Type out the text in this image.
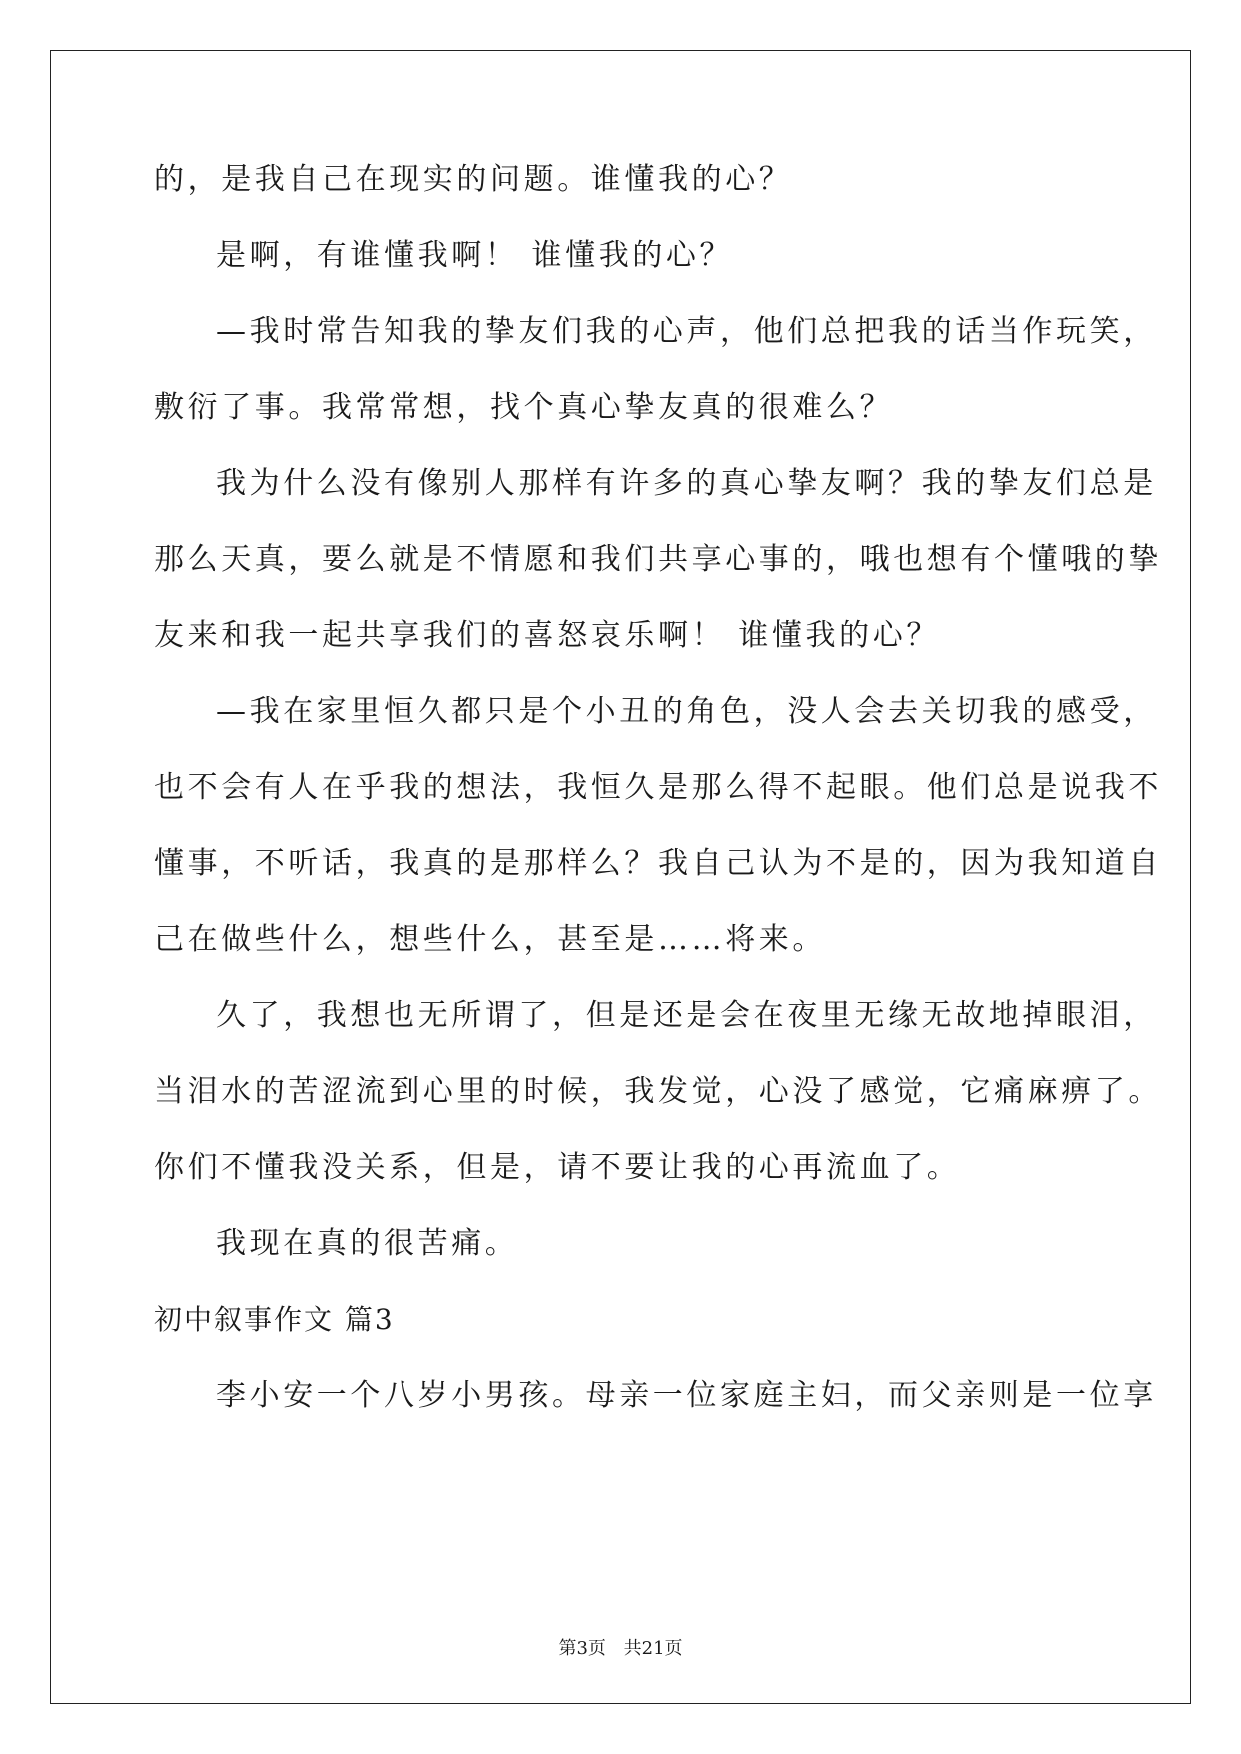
的，是我自己在现实的问题。谁懂我的心？
是啊，有谁懂我啊！ 谁懂我的心？
—我时常告知我的挚友们我的心声，他们总把我的话当作玩笑，
敷衍了事。我常常想，找个真心挚友真的很难么？
我为什么没有像别人那样有许多的真心挚友啊？我的挚友们总是
那么天真，要么就是不情愿和我们共享心事的，哦也想有个懂哦的挚
友来和我一起共享我们的喜怒哀乐啊！ 谁懂我的心？
—我在家里恒久都只是个小丑的角色，没人会去关切我的感受，
也不会有人在乎我的想法，我恒久是那么得不起眼。他们总是说我不
懂事，不听话，我真的是那样么？我自己认为不是的，因为我知道自
己在做些什么，想些什么，甚至是……将来。
久了，我想也无所谓了，但是还是会在夜里无缘无故地掉眼泪，
当泪水的苦涩流到心里的时候，我发觉，心没了感觉，它痛麻痹了。
你们不懂我没关系，但是，请不要让我的心再流血了。
我现在真的很苦痛。
初中叙事作文 篇3
李小安一个八岁小男孩。母亲一位家庭主妇，而父亲则是一位享
第3页 共21页
